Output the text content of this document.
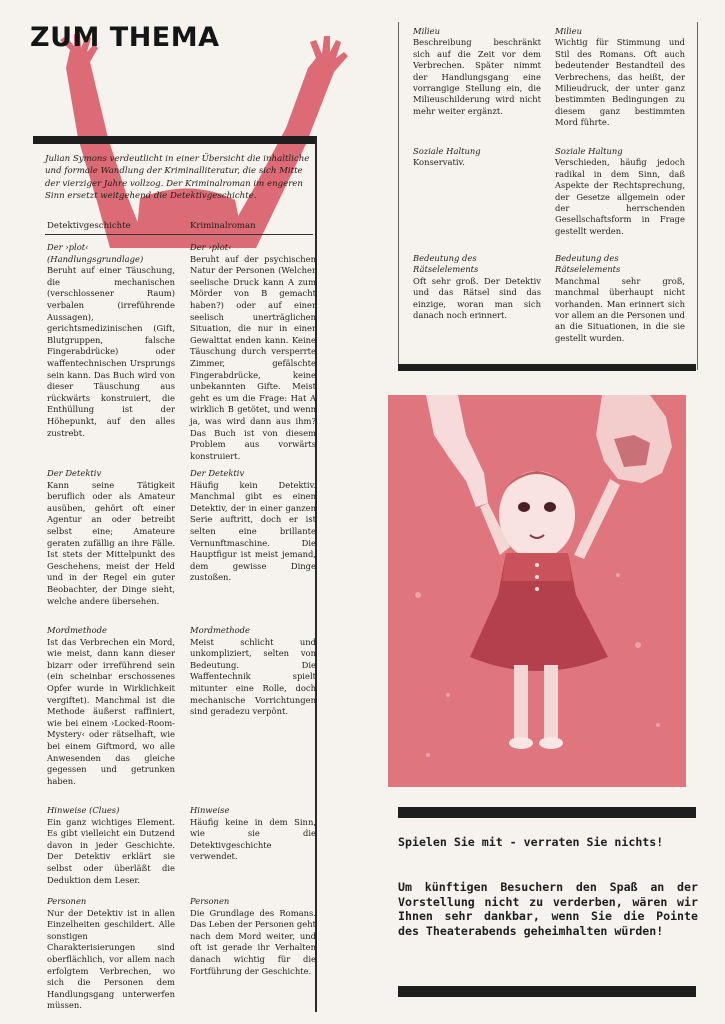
ZUM THEMA
Julian Symons verdeutlicht in einer Übersicht die inhaltliche und formale Wandlung der Kriminalliteratur, die sich Mitte der vierziger Jahre vollzog. Der Kriminalroman im engeren Sinn ersetzt weitgehend die Detektivgeschichte.
Detektivgeschichte	Kriminalroman
Der ›plot‹ (Handlungsgrundlage)
Beruht auf einer Täuschung, die mechanischen (verschlossener Raum) verbalen (irreführende Aussagen), gerichtsmedizinischen (Gift, Blutgruppen, falsche Fingerabdrücke) oder waffentechnischen Ursprungs sein kann. Das Buch wird von dieser Täuschung aus rückwärts konstruiert, die Enthüllung ist der Höhepunkt, auf den alles zustrebt.
Der ›plot‹
Beruht auf der psychischen Natur der Personen (Welcher seelische Druck kann A zum Mörder von B gemacht haben?) oder auf einer seelisch unerträglichen Situation, die nur in einer Gewalttat enden kann. Keine Täuschung durch versperrte Zimmer, gefälschte Fingerabdrücke, keine unbekannten Gifte. Meist geht es um die Frage: Hat A wirklich B getötet, und wenn ja, was wird dann aus ihm? Das Buch ist von diesem Problem aus vorwärts konstruiert.
Der Detektiv
Kann seine Tätigkeit beruflich oder als Amateur ausüben, gehört oft einer Agentur an oder betreibt selbst eine; Amateure geraten zufällig an ihre Fälle. Ist stets der Mittelpunkt des Geschehens, meist der Held und in der Regel ein guter Beobachter, der Dinge sieht, welche andere übersehen.
Der Detektiv
Häufig kein Detektiv. Manchmal gibt es einen Detektiv, der in einer ganzen Serie auftritt, doch er ist selten eine brillante Vernunftmaschine. Die Hauptfigur ist meist jemand, dem gewisse Dinge zustoßen.
Mordmethode
Ist das Verbrechen ein Mord, wie meist, dann kann dieser bizarr oder irreführend sein (ein scheinbar erschossenes Opfer wurde in Wirklichkeit vergiftet). Manchmal ist die Methode äußerst raffiniert, wie bei einem ›Locked-Room-Mystery‹ oder rätselhaft, wie bei einem Giftmord, wo alle Anwesenden das gleiche gegessen und getrunken haben.
Mordmethode
Meist schlicht und unkompliziert, selten von Bedeutung. Die Waffentechnik spielt mitunter eine Rolle, doch mechanische Vorrichtungen sind geradezu verpönt.
Hinweise (Clues)
Ein ganz wichtiges Element. Es gibt vielleicht ein Dutzend davon in jeder Geschichte. Der Detektiv erklärt sie selbst oder überläßt die Deduktion dem Leser.
Hinweise
Häufig keine in dem Sinn, wie sie die Detektivgeschichte verwendet.
Personen
Nur der Detektiv ist in allen Einzelheiten geschildert. Alle sonstigen Charakterisierungen sind oberflächlich, vor allem nach erfolgtem Verbrechen, wo sich die Personen dem Handlungsgang unterwerfen müssen.
Personen
Die Grundlage des Romans. Das Leben der Personen geht nach dem Mord weiter, und oft ist gerade ihr Verhalten danach wichtig für die Fortführung der Geschichte.
Milieu
Beschreibung beschränkt sich auf die Zeit vor dem Verbrechen. Später nimmt der Handlungsgang eine vorrangige Stellung ein, die Milieuschilderung wird nicht mehr weiter ergänzt.
Milieu
Wichtig für Stimmung und Stil des Romans. Oft auch bedeutender Bestandteil des Verbrechens, das heißt, der Milieudruck, der unter ganz bestimmten Bedingungen zu diesem ganz bestimmten Mord führte.
Soziale Haltung
Konservativ.
Soziale Haltung
Verschieden, häufig jedoch radikal in dem Sinn, daß Aspekte der Rechtsprechung, der Gesetze allgemein oder der herrschenden Gesellschaftsform in Frage gestellt werden.
Bedeutung des Rätselelements
Oft sehr groß. Der Detektiv und das Rätsel sind das einzige, woran man sich danach noch erinnert.
Bedeutung des Rätselelements
Manchmal sehr groß, manchmal überhaupt nicht vorhanden. Man erinnert sich vor allem an die Personen und an die Situationen, in die sie gestellt wurden.
Spielen Sie mit - verraten Sie nichts!
Um künftigen Besuchern den Spaß an der Vorstellung nicht zu verderben, wären wir Ihnen sehr dankbar, wenn Sie die Pointe des Theaterabends geheimhalten würden!
